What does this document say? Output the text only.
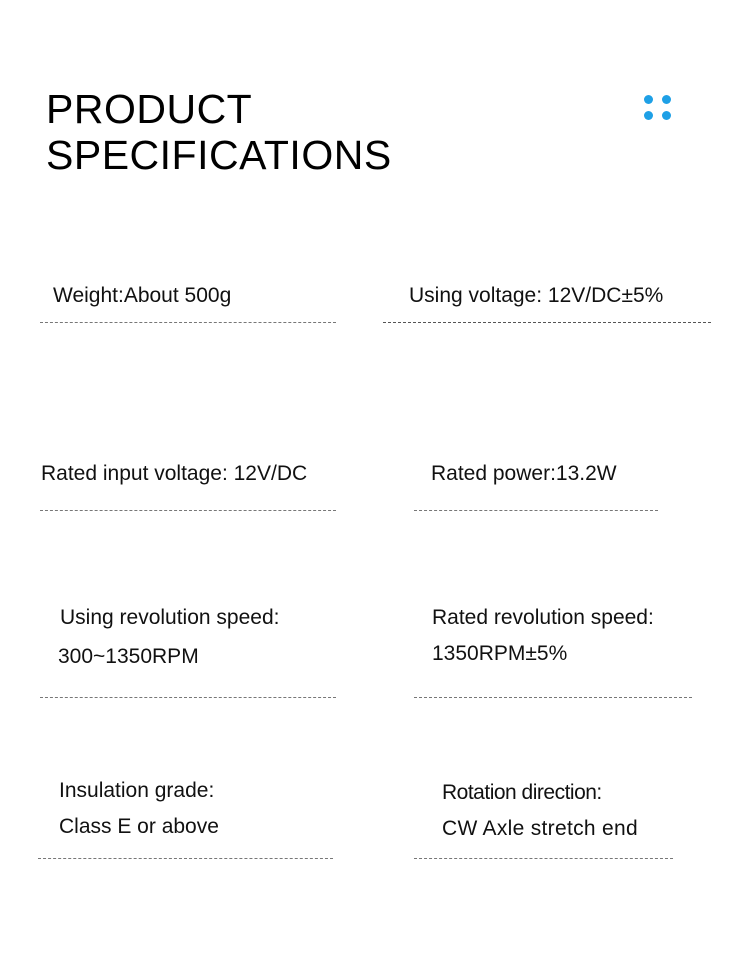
PRODUCT
SPECIFICATIONS
Weight:About 500g	Using voltage: 12V/DC±5%
Rated input voltage: 12V/DC	Rated power:13.2W
Using revolution speed:
300~1350RPM
Rated revolution speed:
1350RPM±5%
Insulation grade:
Class E or above
Rotation direction:
CW Axle stretch end
